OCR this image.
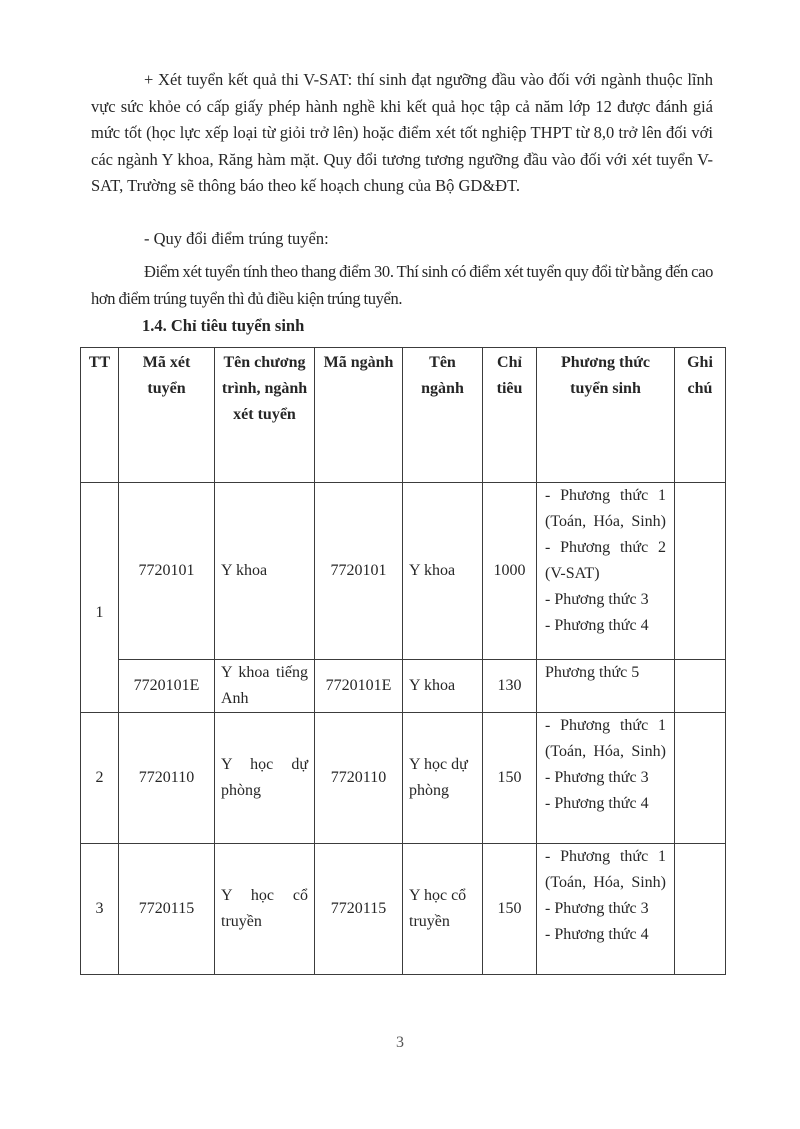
+ Xét tuyển kết quả thi V-SAT: thí sinh đạt ngưỡng đầu vào đối với ngành thuộc lĩnh vực sức khỏe có cấp giấy phép hành nghề khi kết quả học tập cả năm lớp 12 được đánh giá mức tốt (học lực xếp loại từ giỏi trở lên) hoặc điểm xét tốt nghiệp THPT từ 8,0 trở lên đối với các ngành Y khoa, Răng hàm mặt. Quy đổi tương tương ngưỡng đầu vào đối với xét tuyển V-SAT, Trường sẽ thông báo theo kế hoạch chung của Bộ GD&ĐT.

- Quy đổi điểm trúng tuyển:

Điểm xét tuyển tính theo thang điểm 30. Thí sinh có điểm xét tuyển quy đổi từ bằng đến cao hơn điểm trúng tuyển thì đủ điều kiện trúng tuyển.

1.4. Chỉ tiêu tuyển sinh

TT	Mã xét tuyển	Tên chương trình, ngành xét tuyển	Mã ngành	Tên ngành	Chỉ tiêu	Phương thức tuyển sinh	Ghi chú
1	7720101	Y khoa	7720101	Y khoa	1000	- Phương thức 1 (Toán, Hóa, Sinh)
- Phương thức 2 (V-SAT)
- Phương thức 3
- Phương thức 4	

	7720101E	Y khoa tiếng Anh	7720101E	Y khoa	130	Phương thức 5	

2	7720110	Y học dự phòng	7720110	Y học dự phòng	150	- Phương thức 1 (Toán, Hóa, Sinh)
- Phương thức 3
- Phương thức 4	

3	7720115	Y học cổ truyền	7720115	Y học cổ truyền	150	- Phương thức 1 (Toán, Hóa, Sinh)
- Phương thức 3
- Phương thức 4	

3
